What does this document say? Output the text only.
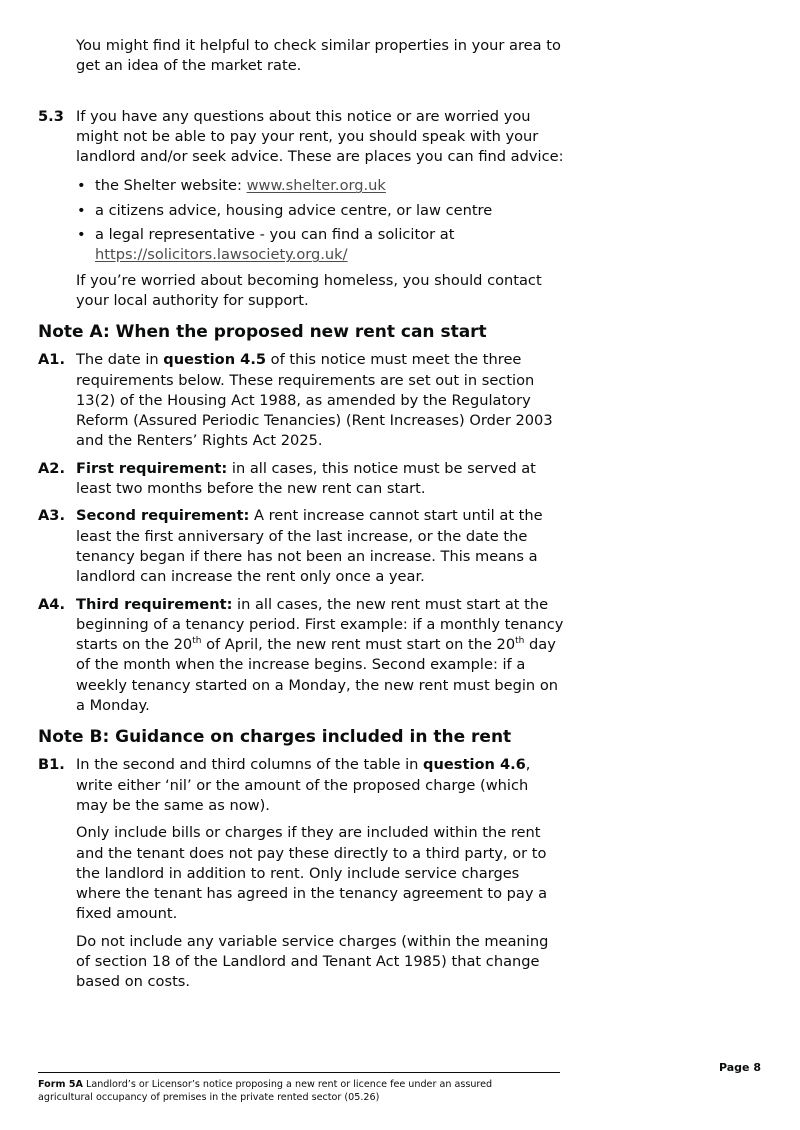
You might find it helpful to check similar properties in your area to get an idea of the market rate.

5.3 If you have any questions about this notice or are worried you might not be able to pay your rent, you should speak with your landlord and/or seek advice. These are places you can find advice:
• the Shelter website: www.shelter.org.uk
• a citizens advice, housing advice centre, or law centre
• a legal representative - you can find a solicitor at https://solicitors.lawsociety.org.uk/

If you’re worried about becoming homeless, you should contact your local authority for support.

Note A: When the proposed new rent can start
A1. The date in question 4.5 of this notice must meet the three requirements below. These requirements are set out in section 13(2) of the Housing Act 1988, as amended by the Regulatory Reform (Assured Periodic Tenancies) (Rent Increases) Order 2003 and the Renters’ Rights Act 2025.
A2. First requirement: in all cases, this notice must be served at least two months before the new rent can start.
A3. Second requirement: A rent increase cannot start until at the least the first anniversary of the last increase, or the date the tenancy began if there has not been an increase. This means a landlord can increase the rent only once a year.
A4. Third requirement: in all cases, the new rent must start at the beginning of a tenancy period. First example: if a monthly tenancy starts on the 20th of April, the new rent must start on the 20th day of the month when the increase begins. Second example: if a weekly tenancy started on a Monday, the new rent must begin on a Monday.
Note B: Guidance on charges included in the rent
B1. In the second and third columns of the table in question 4.6, write either ‘nil’ or the amount of the proposed charge (which may be the same as now).

Only include bills or charges if they are included within the rent and the tenant does not pay these directly to a third party, or to the landlord in addition to rent. Only include service charges where the tenant has agreed in the tenancy agreement to pay a fixed amount.

Do not include any variable service charges (within the meaning of section 18 of the Landlord and Tenant Act 1985) that change based on costs.

Page 8
Form 5A Landlord’s or Licensor’s notice proposing a new rent or licence fee under an assured agricultural occupancy of premises in the private rented sector (05.26)
